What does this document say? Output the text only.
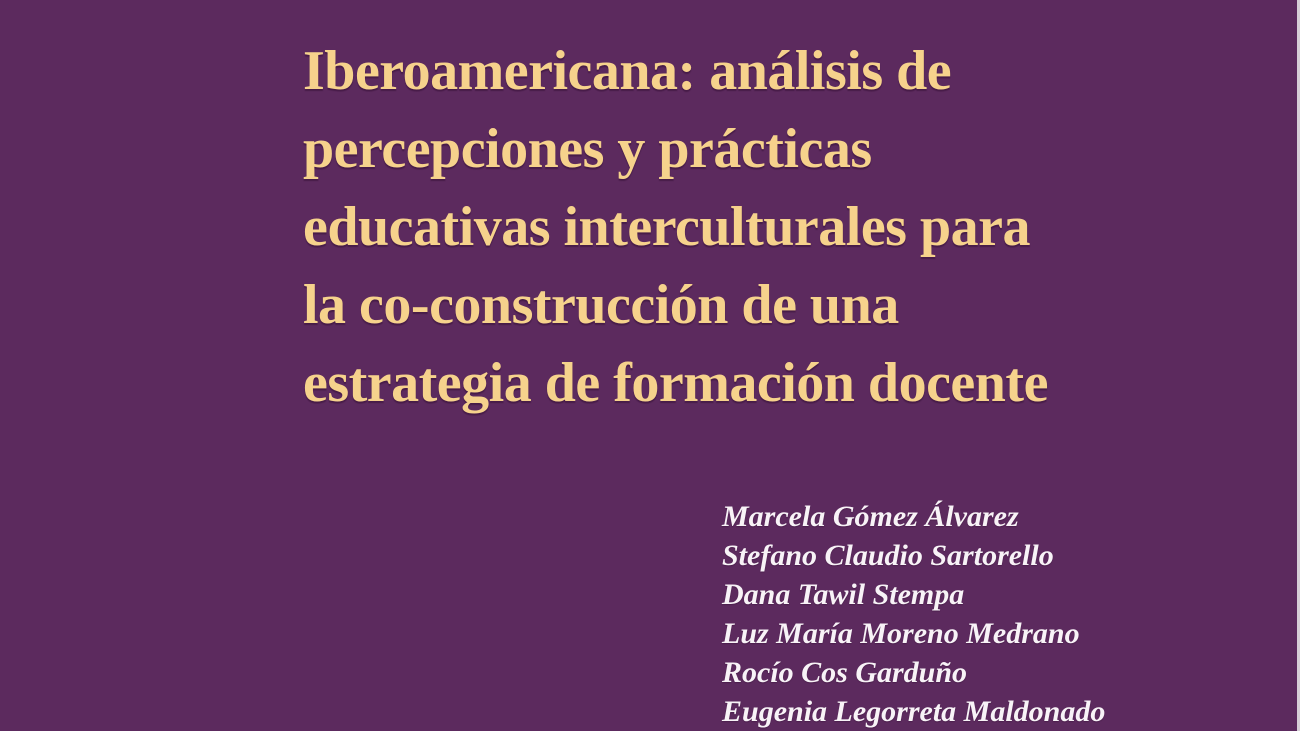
Iberoamericana: análisis de
percepciones y prácticas
educativas interculturales para
la co-construcción de una
estrategia de formación docente
Marcela Gómez Álvarez
Stefano Claudio Sartorello
Dana Tawil Stempa
Luz María Moreno Medrano
Rocío Cos Garduño
Eugenia Legorreta Maldonado
